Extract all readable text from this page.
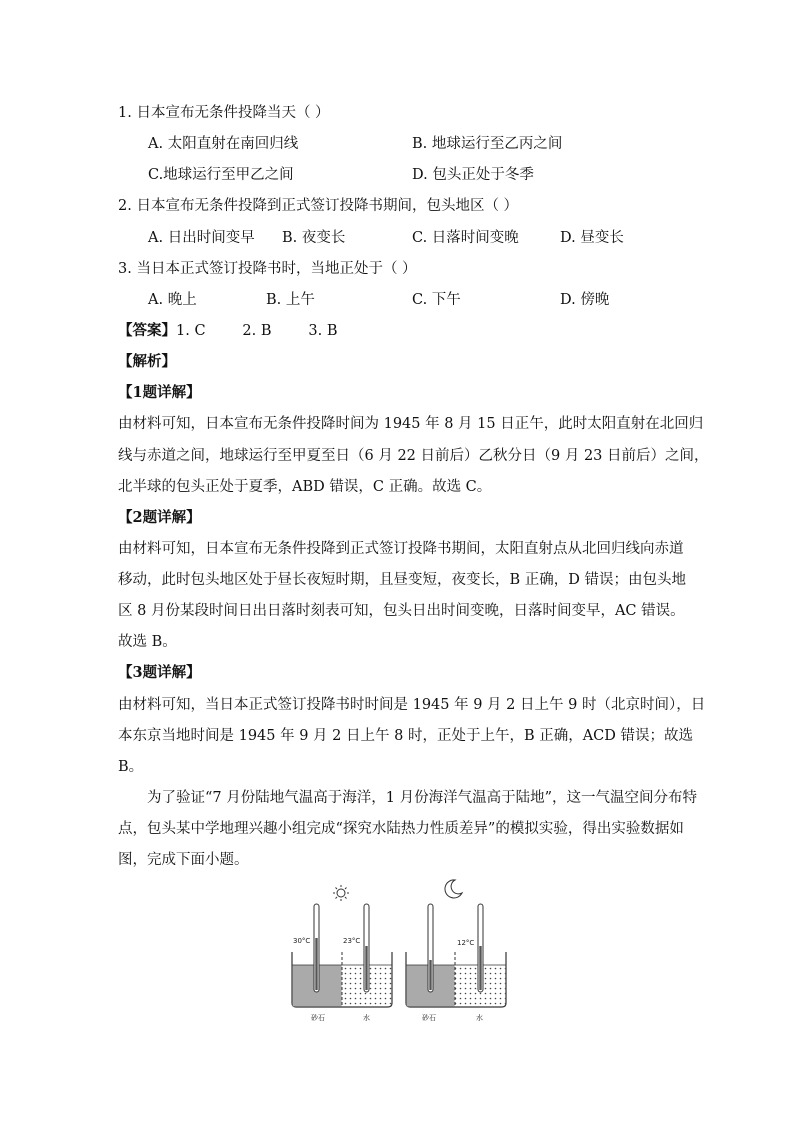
1. 日本宣布无条件投降当天（ ）
A. 太阳直射在南回归线	B. 地球运行至乙丙之间
C.地球运行至甲乙之间	D. 包头正处于冬季
2. 日本宣布无条件投降到正式签订投降书期间，包头地区（ ）
A. 日出时间变早 B. 夜变长	C. 日落时间变晚	D. 昼变长
3. 当日本正式签订投降书时，当地正处于（ ）
A. 晚上	B. 上午	C. 下午	D. 傍晚
【答案】1. C        2. B        3. B
【解析】
【1题详解】
由材料可知，日本宣布无条件投降时间为 1945 年 8 月 15 日正午，此时太阳直射在北回归
线与赤道之间，地球运行至甲夏至日（6 月 22 日前后）乙秋分日（9 月 23 日前后）之间，
北半球的包头正处于夏季，ABD 错误，C 正确。故选 C。
【2题详解】
由材料可知，日本宣布无条件投降到正式签订投降书期间，太阳直射点从北回归线向赤道
移动，此时包头地区处于昼长夜短时期，且昼变短，夜变长，B 正确，D 错误；由包头地
区 8 月份某段时间日出日落时刻表可知，包头日出时间变晚，日落时间变早，AC 错误。
故选 B。
【3题详解】
由材料可知，当日本正式签订投降书时时间是 1945 年 9 月 2 日上午 9 时（北京时间），日
本东京当地时间是 1945 年 9 月 2 日上午 8 时，正处于上午，B 正确，ACD 错误；故选
B。
为了验证“7 月份陆地气温高于海洋，1 月份海洋气温高于陆地”，这一气温空间分布特
点，包头某中学地理兴趣小组完成“探究水陆热力性质差异”的模拟实验，得出实验数据如
图，完成下面小题。
30°C	23°C
砂石	水
12°C
砂石	水
